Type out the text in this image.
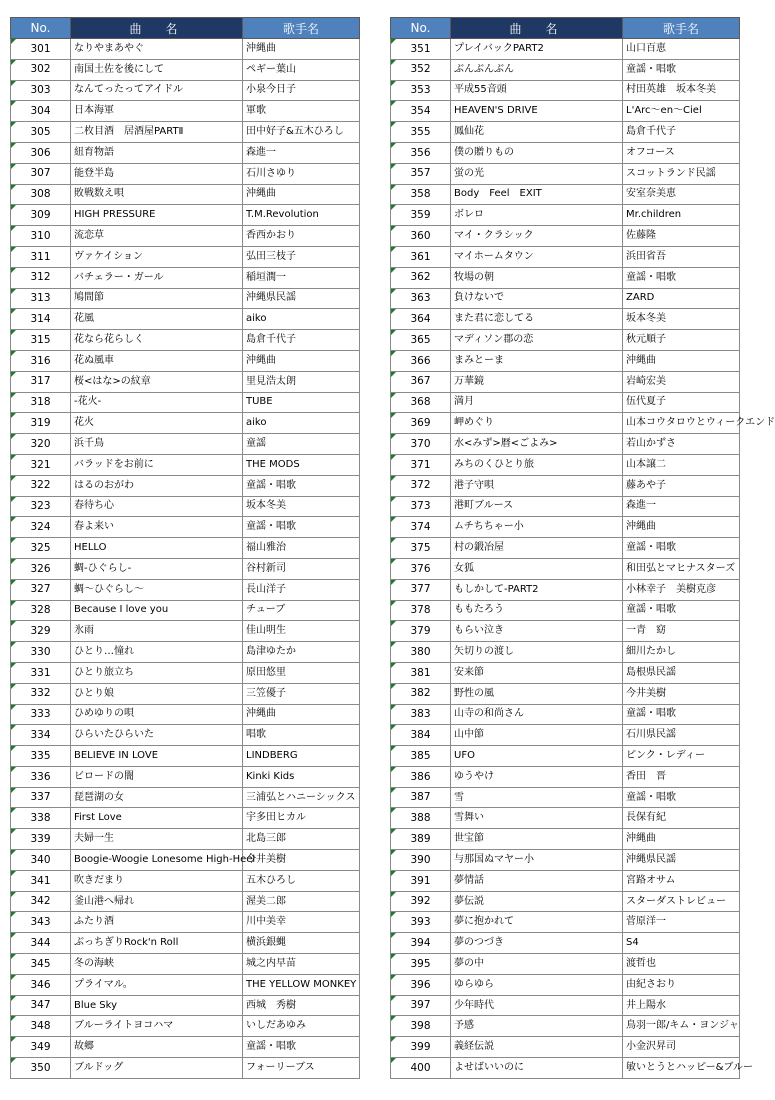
No.	曲　名	歌手名
301	なりやまあやぐ	沖縄曲
302	南国土佐を後にして	ペギー葉山
303	なんてったってアイドル	小泉今日子
304	日本海軍	軍歌
305	二枚目酒　居酒屋PARTⅡ	田中好子&五木ひろし
306	紐育物語	森進一
307	能登半島	石川さゆり
308	敗戦数え唄	沖縄曲
309	HIGH PRESSURE	T.M.Revolution
310	流恋草	香西かおり
311	ヴァケイション	弘田三枝子
312	バチェラー・ガール	稲垣潤一
313	鳩間節	沖縄県民謡
314	花風	aiko
315	花なら花らしく	島倉千代子
316	花ぬ風車	沖縄曲
317	桜<はな>の紋章	里見浩太朗
318	-花火-	TUBE
319	花火	aiko
320	浜千鳥	童謡
321	バラッドをお前に	THE MODS
322	はるのおがわ	童謡・唱歌
323	春待ち心	坂本冬美
324	春よ来い	童謡・唱歌
325	HELLO	福山雅治
326	蜩-ひぐらし-	谷村新司
327	蜩〜ひぐらし〜	長山洋子
328	Because I love you	チューブ
329	氷雨	佳山明生
330	ひとり…憧れ	島津ゆたか
331	ひとり旅立ち	原田悠里
332	ひとり娘	三笠優子
333	ひめゆりの唄	沖縄曲
334	ひらいたひらいた	唱歌
335	BELIEVE IN LOVE	LINDBERG
336	ビロードの闇	Kinki Kids
337	琵琶湖の女	三浦弘とハニーシックス
338	First Love	宇多田ヒカル
339	夫婦一生	北島三郎
340	Boogie-Woogie Lonesome High-Heel	今井美樹
341	吹きだまり	五木ひろし
342	釜山港へ帰れ	渥美二郎
343	ふたり酒	川中美幸
344	ぶっちぎりRock'n Roll	横浜銀蝿
345	冬の海峡	城之内早苗
346	プライマル。	THE YELLOW MONKEY
347	Blue Sky	西城　秀樹
348	ブルーライトヨコハマ	いしだあゆみ
349	故郷	童謡・唱歌
350	ブルドッグ	フォーリーブス
No.	曲　名	歌手名
351	プレイバックPART2	山口百恵
352	ぶんぶんぶん	童謡・唱歌
353	平成55音頭	村田英雄　坂本冬美
354	HEAVEN'S DRIVE	L'Arc〜en〜Ciel
355	鳳仙花	島倉千代子
356	僕の贈りもの	オフコース
357	蛍の光	スコットランド民謡
358	Body　Feel　EXIT	安室奈美恵
359	ボレロ	Mr.children
360	マイ・クラシック	佐藤隆
361	マイホームタウン	浜田省吾
362	牧場の朝	童謡・唱歌
363	負けないで	ZARD
364	また君に恋してる	坂本冬美
365	マディソン郡の恋	秋元順子
366	まみとーま	沖縄曲
367	万華鏡	岩崎宏美
368	満月	伍代夏子
369	岬めぐり	山本コウタロウとウィークエンド
370	水<みず>暦<ごよみ>	若山かずさ
371	みちのくひとり旅	山本譲二
372	港子守唄	藤あや子
373	港町ブルース	森進一
374	ムチちちゃー小	沖縄曲
375	村の鍛冶屋	童謡・唱歌
376	女狐	和田弘とマヒナスターズ
377	もしかして-PART2	小林幸子　美樹克彦
378	ももたろう	童謡・唱歌
379	もらい泣き	一青　窈
380	矢切りの渡し	細川たかし
381	安来節	島根県民謡
382	野性の風	今井美樹
383	山寺の和尚さん	童謡・唱歌
384	山中節	石川県民謡
385	UFO	ピンク・レディー
386	ゆうやけ	香田　晋
387	雪	童謡・唱歌
388	雪舞い	長保有紀
389	世宝節	沖縄曲
390	与那国ぬマヤー小	沖縄県民謡
391	夢情話	宮路オサム
392	夢伝説	スターダストレビュー
393	夢に抱かれて	菅原洋一
394	夢のつづき	S4
395	夢の中	渡哲也
396	ゆらゆら	由紀さおり
397	少年時代	井上陽水
398	予感	鳥羽一郎/キム・ヨンジャ
399	義経伝説	小金沢昇司
400	よせばいいのに	敏いとうとハッピー&ブルー
